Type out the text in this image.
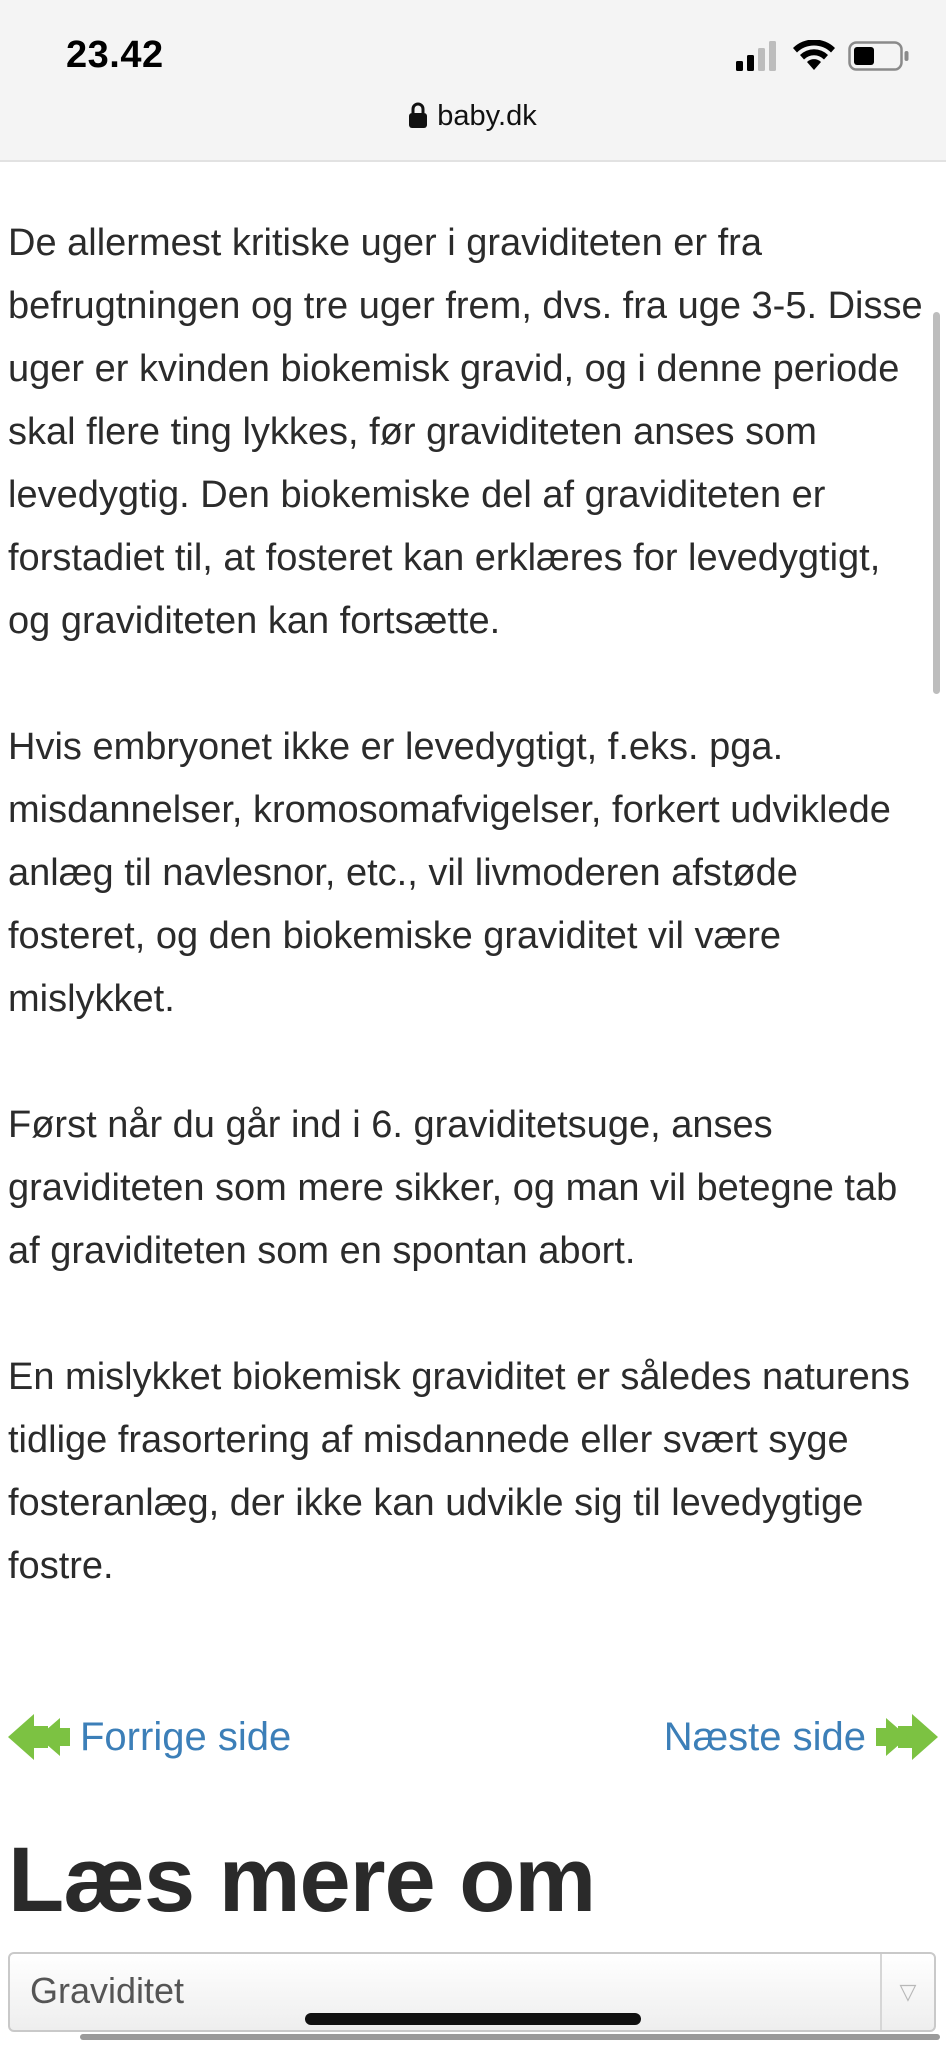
23.42
baby.dk

De allermest kritiske uger i graviditeten er fra befrugtningen og tre uger frem, dvs. fra uge 3-5. Disse uger er kvinden biokemisk gravid, og i denne periode skal flere ting lykkes, før graviditeten anses som levedygtig. Den biokemiske del af graviditeten er forstadiet til, at fosteret kan erklæres for levedygtigt, og graviditeten kan fortsætte.

Hvis embryonet ikke er levedygtigt, f.eks. pga. misdannelser, kromosomafvigelser, forkert udviklede anlæg til navlesnor, etc., vil livmoderen afstøde fosteret, og den biokemiske graviditet vil være mislykket.

Først når du går ind i 6. graviditetsuge, anses graviditeten som mere sikker, og man vil betegne tab af graviditeten som en spontan abort.

En mislykket biokemisk graviditet er således naturens tidlige frasortering af misdannede eller svært syge fosteranlæg, der ikke kan udvikle sig til levedygtige fostre.

Forrige side	Næste side
Læs mere om
Graviditet	▽
